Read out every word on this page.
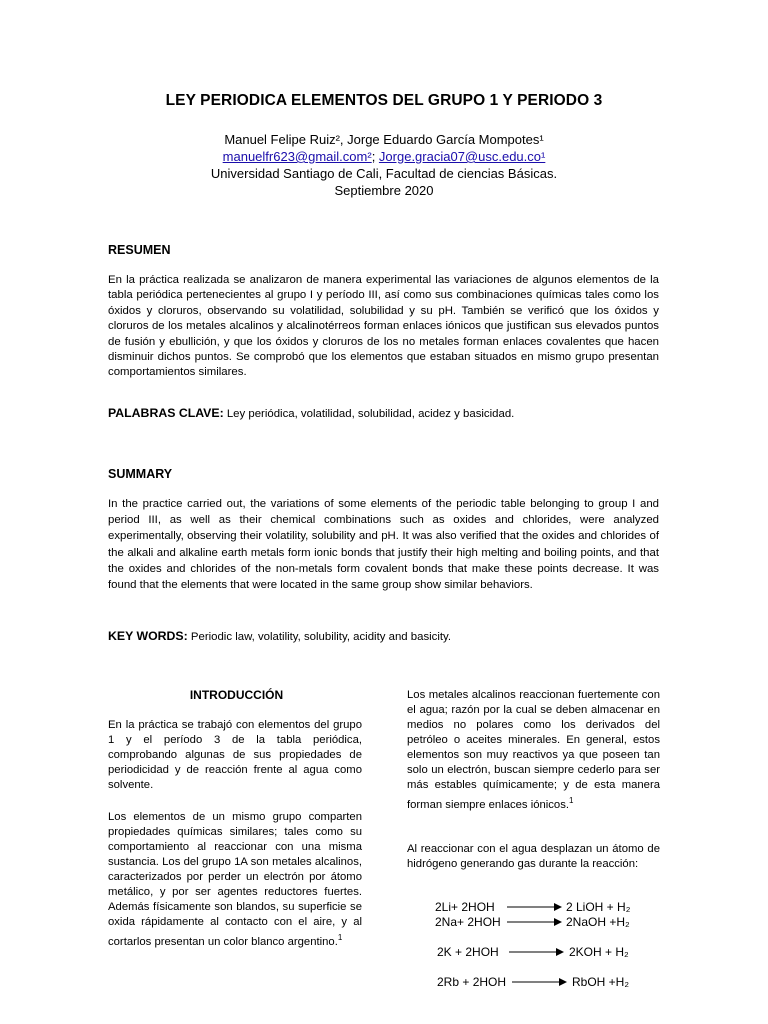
LEY PERIODICA ELEMENTOS DEL GRUPO 1 Y PERIODO 3
Manuel Felipe Ruiz², Jorge Eduardo García Mompotes¹
manuelfr623@gmail.com²; Jorge.gracia07@usc.edu.co¹
Universidad Santiago de Cali, Facultad de ciencias Básicas.
Septiembre 2020
RESUMEN
En la práctica realizada se analizaron de manera experimental las variaciones de algunos elementos de la tabla periódica pertenecientes al grupo I y período III, así como sus combinaciones químicas tales como los óxidos y cloruros, observando su volatilidad, solubilidad y su pH. También se verificó que los óxidos y cloruros de los metales alcalinos y alcalinotérreos forman enlaces iónicos que justifican sus elevados puntos de fusión y ebullición, y que los óxidos y cloruros de los no metales forman enlaces covalentes que hacen disminuir dichos puntos. Se comprobó que los elementos que estaban situados en mismo grupo presentan comportamientos similares.
PALABRAS CLAVE: Ley periódica, volatilidad, solubilidad, acidez y basicidad.
SUMMARY
In the practice carried out, the variations of some elements of the periodic table belonging to group I and period III, as well as their chemical combinations such as oxides and chlorides, were analyzed experimentally, observing their volatility, solubility and pH. It was also verified that the oxides and chlorides of the alkali and alkaline earth metals form ionic bonds that justify their high melting and boiling points, and that the oxides and chlorides of the non-metals form covalent bonds that make these points decrease. It was found that the elements that were located in the same group show similar behaviors.
KEY WORDS: Periodic law, volatility, solubility, acidity and basicity.
INTRODUCCIÓN
En la práctica se trabajó con elementos del grupo 1 y el período 3 de la tabla periódica, comprobando algunas de sus propiedades de periodicidad y de reacción frente al agua como solvente.
Los elementos de un mismo grupo comparten propiedades químicas similares; tales como su comportamiento al reaccionar con una misma sustancia. Los del grupo 1A son metales alcalinos, caracterizados por perder un electrón por átomo metálico, y por ser agentes reductores fuertes. Además físicamente son blandos, su superficie se oxida rápidamente al contacto con el aire, y al cortarlos presentan un color blanco argentino.$^1$
Los metales alcalinos reaccionan fuertemente con el agua; razón por la cual se deben almacenar en medios no polares como los derivados del petróleo o aceites minerales. En general, estos elementos son muy reactivos ya que poseen tan solo un electrón, buscan siempre cederlo para ser más estables químicamente; y de esta manera forman siempre enlaces iónicos.$^1$
Al reaccionar con el agua desplazan un átomo de hidrógeno generando gas durante la reacción:
2Li+ 2HOH → 2 LiOH + H₂
2Na+ 2HOH → 2NaOH +H₂
2K + 2HOH → 2KOH + H₂
2Rb + 2HOH → RbOH +H₂
